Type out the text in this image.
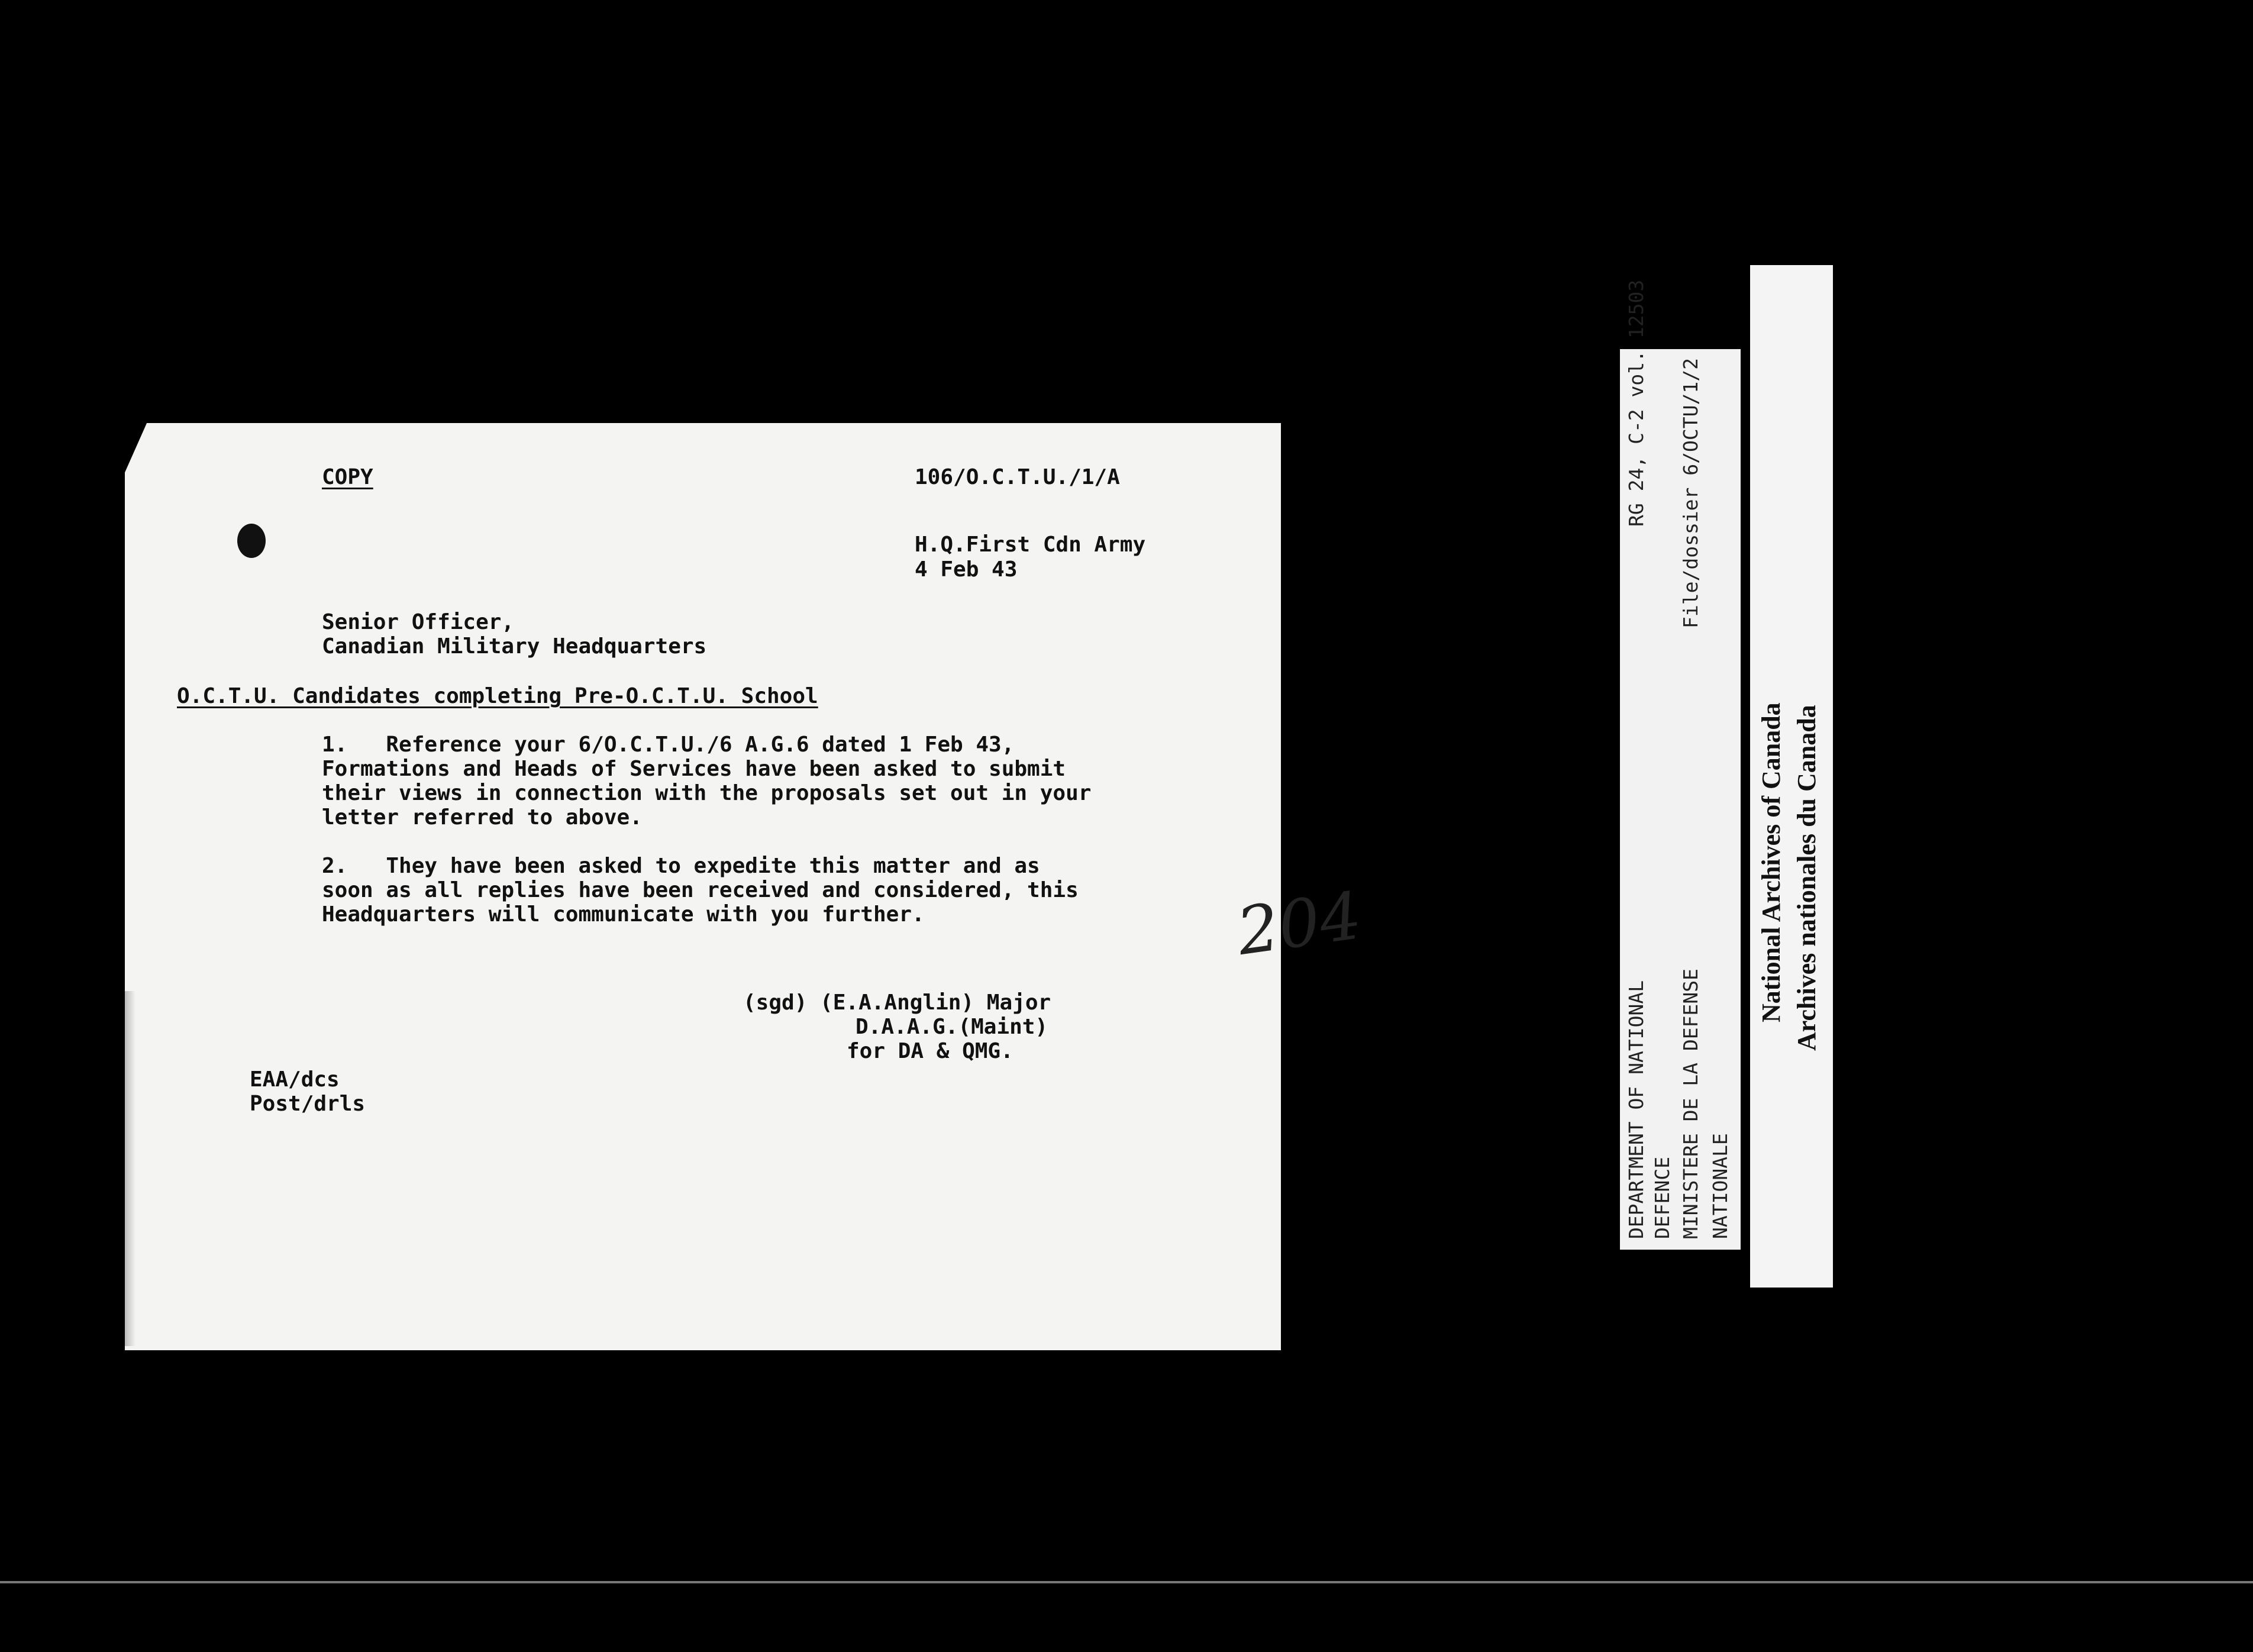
COPY	106/O.C.T.U./1/A
204
H.Q.First Cdn Army
4 Feb 43
Senior Officer,
Canadian Military Headquarters
O.C.T.U. Candidates completing Pre-O.C.T.U. School
1.   Reference your 6/O.C.T.U./6 A.G.6 dated 1 Feb 43,
Formations and Heads of Services have been asked to submit
their views in connection with the proposals set out in your
letter referred to above.
2.   They have been asked to expedite this matter and as
soon as all replies have been received and considered, this
Headquarters will communicate with you further.
(sgd) (E.A.Anglin) Major
D.A.A.G.(Maint)
for DA & QMG.
EAA/dcs
Post/drls	DEPARTMENT OF NATIONAL
RG 24, C-2 vol. 12503
DEFENCE MINISTERE DE LA DEFENSE
File/dossier 6/OCTU/1/2
NATIONALE
National Archives of Canada Archives nationales du Canada
